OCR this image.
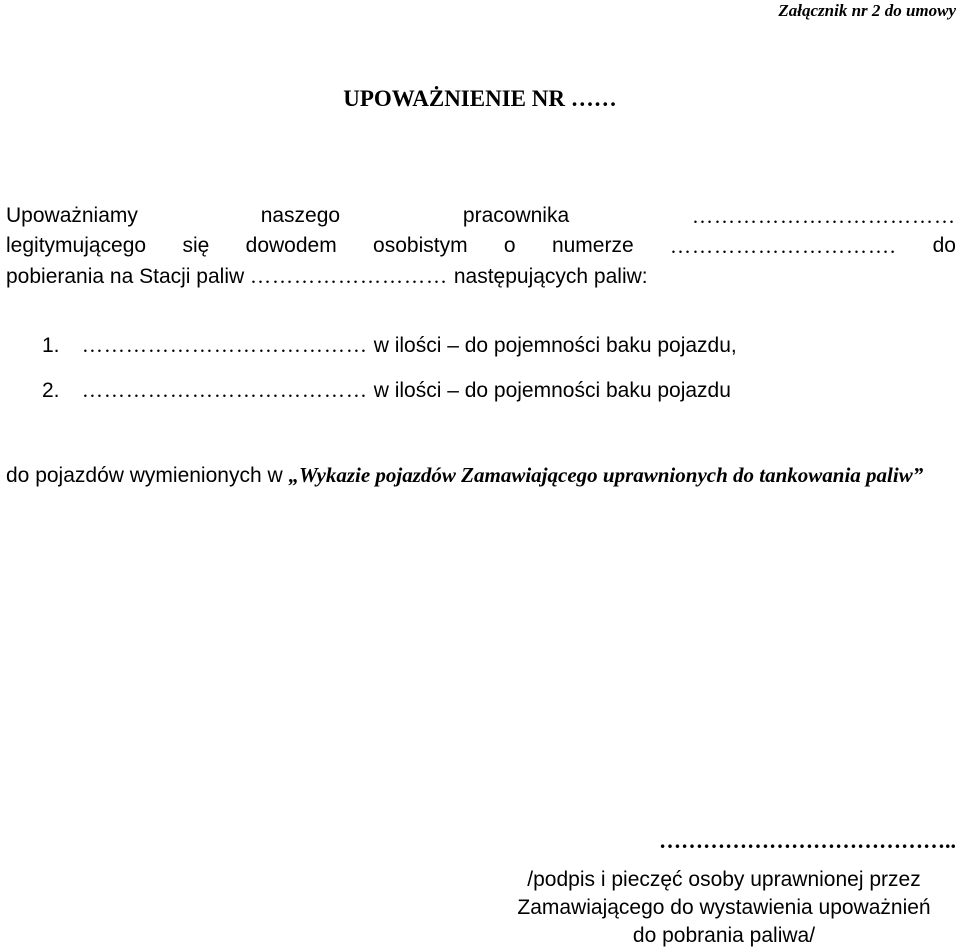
Załącznik nr 2 do umowy
UPOWAŻNIENIE NR ……
Upoważniamy	naszego	pracownika	………………………………
legitymującego się dowodem osobistym o numerze …………………………. do
pobierania na Stacji paliw ……………………… następujących paliw:
1. ………………………………… w ilości – do pojemności baku pojazdu,
2. ………………………………… w ilości – do pojemności baku pojazdu
do pojazdów wymienionych w „Wykazie pojazdów Zamawiającego uprawnionych do tankowania paliw”
…………………………………..
/podpis i pieczęć osoby uprawnionej przez
Zamawiającego do wystawienia upoważnień
do pobrania paliwa/
